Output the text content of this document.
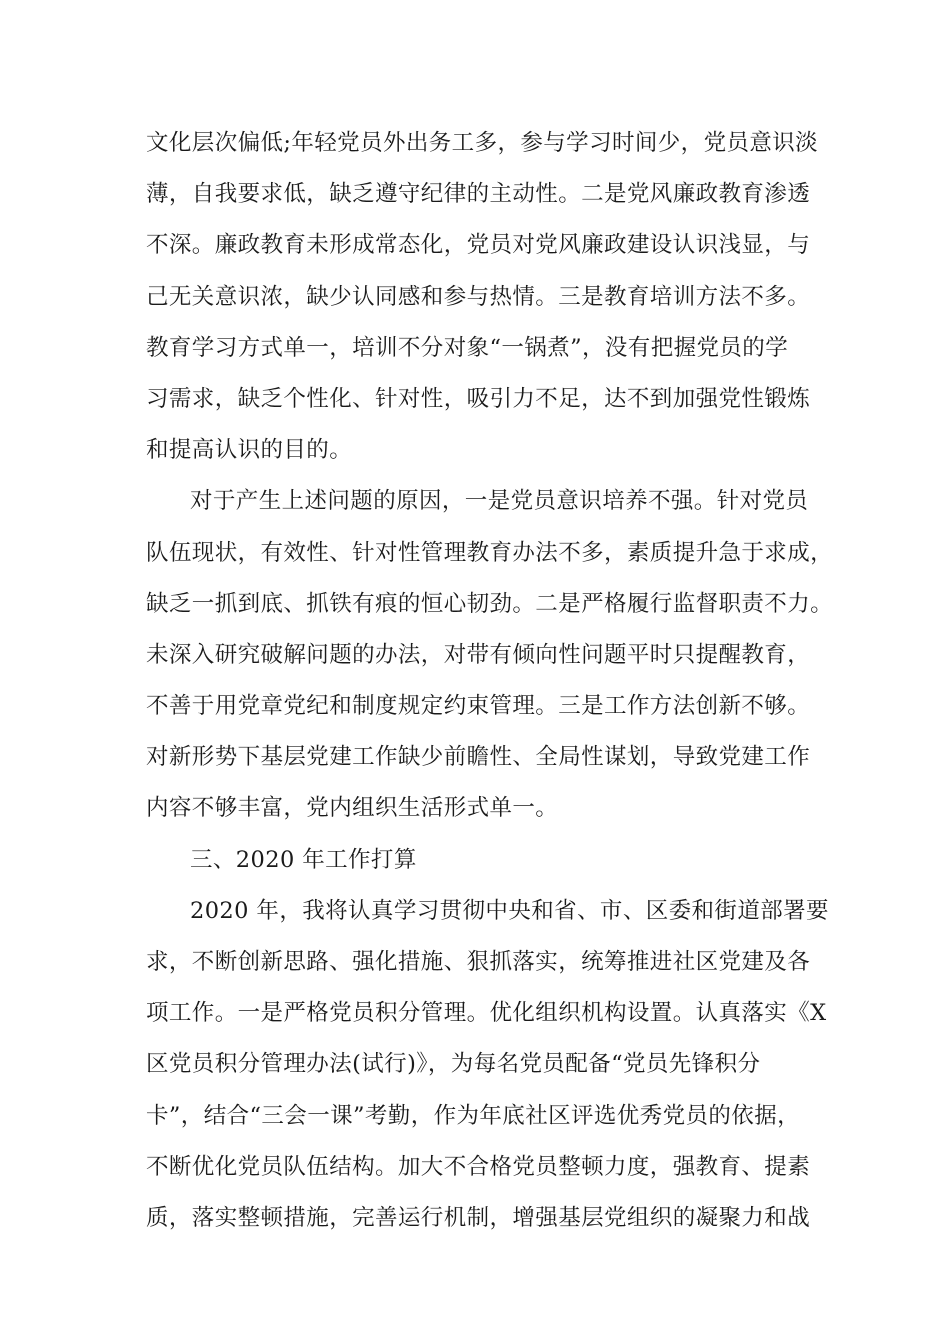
文化层次偏低;年轻党员外出务工多，参与学习时间少，党员意识淡
薄，自我要求低，缺乏遵守纪律的主动性。二是党风廉政教育渗透
不深。廉政教育未形成常态化，党员对党风廉政建设认识浅显，与
己无关意识浓，缺少认同感和参与热情。三是教育培训方法不多。
教育学习方式单一，培训不分对象“一锅煮”，没有把握党员的学
习需求，缺乏个性化、针对性，吸引力不足，达不到加强党性锻炼
和提高认识的目的。
对于产生上述问题的原因，一是党员意识培养不强。针对党员
队伍现状，有效性、针对性管理教育办法不多，素质提升急于求成，
缺乏一抓到底、抓铁有痕的恒心韧劲。二是严格履行监督职责不力。
未深入研究破解问题的办法，对带有倾向性问题平时只提醒教育，
不善于用党章党纪和制度规定约束管理。三是工作方法创新不够。
对新形势下基层党建工作缺少前瞻性、全局性谋划，导致党建工作
内容不够丰富，党内组织生活形式单一。
三、2020 年工作打算
2020 年，我将认真学习贯彻中央和省、市、区委和街道部署要
求，不断创新思路、强化措施、狠抓落实，统筹推进社区党建及各
项工作。一是严格党员积分管理。优化组织机构设置。认真落实《X
区党员积分管理办法(试行)》，为每名党员配备“党员先锋积分
卡”，结合“三会一课”考勤，作为年底社区评选优秀党员的依据，
不断优化党员队伍结构。加大不合格党员整顿力度，强教育、提素
质，落实整顿措施，完善运行机制，增强基层党组织的凝聚力和战
